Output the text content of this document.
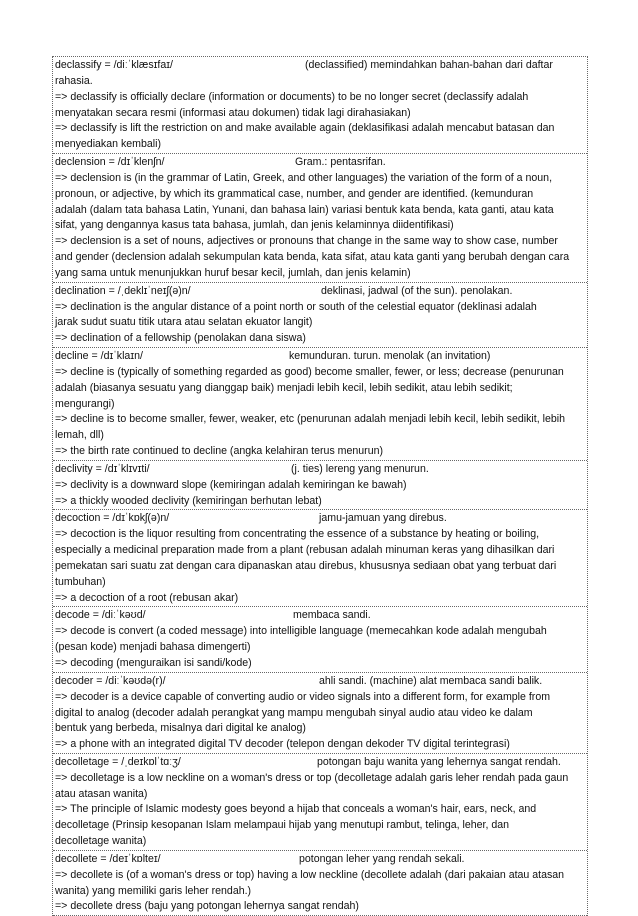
declassify = /diːˈklæsɪfaɪ/	(declassified) memindahkan bahan-bahan dari daftar
rahasia.
=> declassify is officially declare (information or documents) to be no longer secret (declassify adalah
menyatakan secara resmi (informasi atau dokumen) tidak lagi dirahasiakan)
=> declassify is lift the restriction on and make available again (deklasifikasi adalah mencabut batasan dan
menyediakan kembali)
declension = /dɪˈklenʃn/	Gram.: pentasrifan.
=> declension is (in the grammar of Latin, Greek, and other languages) the variation of the form of a noun,
pronoun, or adjective, by which its grammatical case, number, and gender are identified. (kemunduran
adalah (dalam tata bahasa Latin, Yunani, dan bahasa lain) variasi bentuk kata benda, kata ganti, atau kata
sifat, yang dengannya kasus tata bahasa, jumlah, dan jenis kelaminnya diidentifikasi)
=> declension is a set of nouns, adjectives or pronouns that change in the same way to show case, number
and gender (declension adalah sekumpulan kata benda, kata sifat, atau kata ganti yang berubah dengan cara
yang sama untuk menunjukkan huruf besar kecil, jumlah, dan jenis kelamin)
declination = /ˌdeklɪˈneɪʃ(ə)n/	deklinasi, jadwal (of the sun). penolakan.
=> declination is the angular distance of a point north or south of the celestial equator (deklinasi adalah
jarak sudut suatu titik utara atau selatan ekuator langit)
=> declination of a fellowship (penolakan dana siswa)
decline = /dɪˈklaɪn/	kemunduran. turun. menolak (an invitation)
=> decline is (typically of something regarded as good) become smaller, fewer, or less; decrease (penurunan
adalah (biasanya sesuatu yang dianggap baik) menjadi lebih kecil, lebih sedikit, atau lebih sedikit;
mengurangi)
=> decline is to become smaller, fewer, weaker, etc (penurunan adalah menjadi lebih kecil, lebih sedikit, lebih
lemah, dll)
=> the birth rate continued to decline (angka kelahiran terus menurun)
declivity = /dɪˈklɪvɪti/	(j. ties) lereng yang menurun.
=> declivity is a downward slope (kemiringan adalah kemiringan ke bawah)
=> a thickly wooded declivity (kemiringan berhutan lebat)
decoction = /dɪˈkɒkʃ(ə)n/	jamu-jamuan yang direbus.
=> decoction is the liquor resulting from concentrating the essence of a substance by heating or boiling,
especially a medicinal preparation made from a plant (rebusan adalah minuman keras yang dihasilkan dari
pemekatan sari suatu zat dengan cara dipanaskan atau direbus, khususnya sediaan obat yang terbuat dari
tumbuhan)
=> a decoction of a root (rebusan akar)
decode = /diːˈkəʊd/	membaca sandi.
=> decode is convert (a coded message) into intelligible language (memecahkan kode adalah mengubah
(pesan kode) menjadi bahasa dimengerti)
=> decoding (menguraikan isi sandi/kode)
decoder = /diːˈkəʊdə(r)/	ahli sandi. (machine) alat membaca sandi balik.
=> decoder is a device capable of converting audio or video signals into a different form, for example from
digital to analog (decoder adalah perangkat yang mampu mengubah sinyal audio atau video ke dalam
bentuk yang berbeda, misalnya dari digital ke analog)
=> a phone with an integrated digital TV decoder (telepon dengan dekoder TV digital terintegrasi)
decolletage = /ˌdeɪkɒlˈtɑːʒ/	potongan baju wanita yang lehernya sangat rendah.
=> decolletage is a low neckline on a woman's dress or top (decolletage adalah garis leher rendah pada gaun
atau atasan wanita)
=> The principle of Islamic modesty goes beyond a hijab that conceals a woman's hair, ears, neck, and
decolletage (Prinsip kesopanan Islam melampaui hijab yang menutupi rambut, telinga, leher, dan
decolletage wanita)
decollete = /deɪˈkɒlteɪ/	potongan leher yang rendah sekali.
=> decollete is (of a woman's dress or top) having a low neckline (decollete adalah (dari pakaian atau atasan
wanita) yang memiliki garis leher rendah.)
=> decollete dress (baju yang potongan lehernya sangat rendah)
